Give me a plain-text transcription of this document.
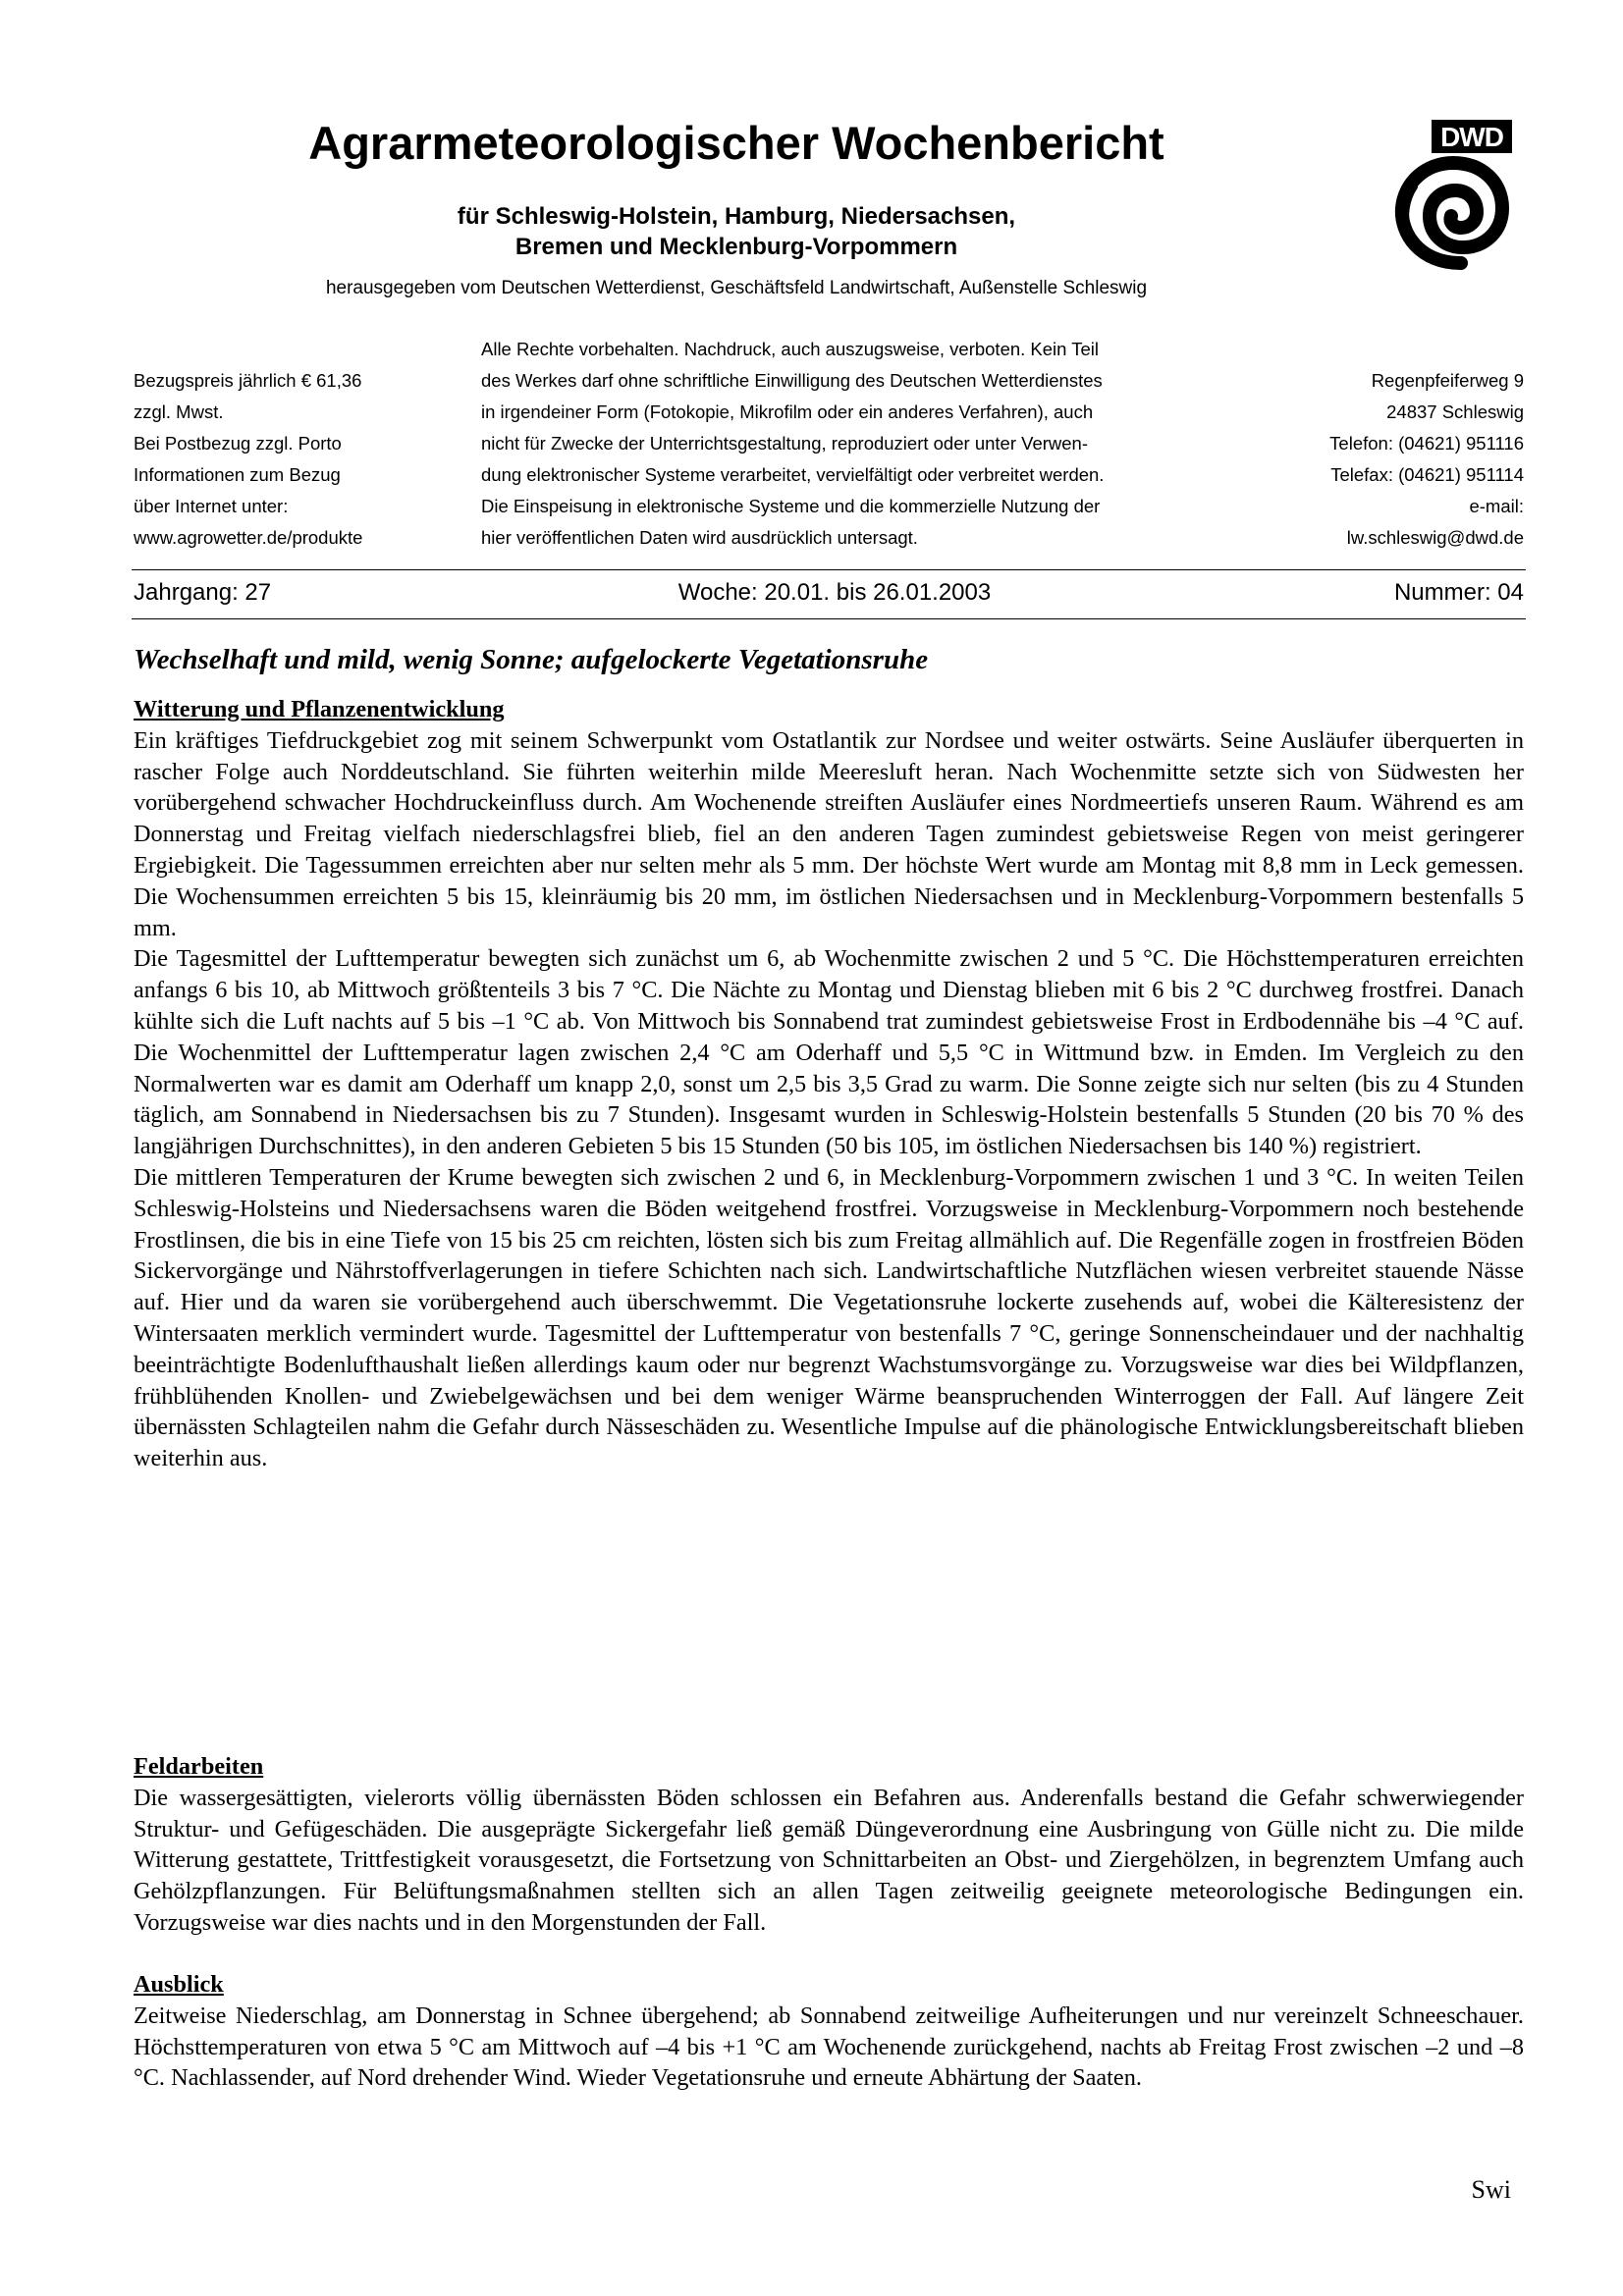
Agrarmeteorologischer Wochenbericht
für Schleswig-Holstein, Hamburg, Niedersachsen,
Bremen und Mecklenburg-Vorpommern
herausgegeben vom Deutschen Wetterdienst, Geschäftsfeld Landwirtschaft, Außenstelle Schleswig
DWD
Bezugspreis jährlich € 61,36
zzgl. Mwst.
Bei Postbezug zzgl. Porto
Informationen zum Bezug
über Internet unter:
www.agrowetter.de/produkte
Alle Rechte vorbehalten. Nachdruck, auch auszugsweise, verboten. Kein Teil
des Werkes darf ohne schriftliche Einwilligung des Deutschen Wetterdienstes
in irgendeiner Form (Fotokopie, Mikrofilm oder ein anderes Verfahren), auch
nicht für Zwecke der Unterrichtsgestaltung, reproduziert oder unter Verwen-
dung elektronischer Systeme verarbeitet, vervielfältigt oder verbreitet werden.
Die Einspeisung in elektronische Systeme und die kommerzielle Nutzung der
hier veröffentlichen Daten wird ausdrücklich untersagt.
Regenpfeiferweg 9
24837 Schleswig
Telefon: (04621) 951116
Telefax: (04621) 951114
e-mail:
lw.schleswig@dwd.de
Jahrgang: 27	Woche: 20.01. bis 26.01.2003	Nummer: 04
Wechselhaft und mild, wenig Sonne; aufgelockerte Vegetationsruhe
Witterung und Pflanzenentwicklung

Ein kräftiges Tiefdruckgebiet zog mit seinem Schwerpunkt vom Ostatlantik zur Nordsee und weiter ostwärts. Seine Ausläufer überquerten in rascher Folge auch Norddeutschland. Sie führten weiterhin milde Meeresluft heran. Nach Wochenmitte setzte sich von Südwesten her vorübergehend schwacher Hochdruckeinfluss durch. Am Wochenende streiften Ausläufer eines Nordmeertiefs unseren Raum. Während es am Donnerstag und Freitag vielfach niederschlagsfrei blieb, fiel an den anderen Tagen zumindest gebietsweise Regen von meist geringerer Ergiebigkeit. Die Tagessummen erreichten aber nur selten mehr als 5 mm. Der höchste Wert wurde am Montag mit 8,8 mm in Leck gemessen. Die Wochensummen erreichten 5 bis 15, kleinräumig bis 20 mm, im östlichen Niedersachsen und in Mecklenburg-Vorpommern bestenfalls 5 mm.

Die Tagesmittel der Lufttemperatur bewegten sich zunächst um 6, ab Wochenmitte zwischen 2 und 5 °C. Die Höchsttemperaturen erreichten anfangs 6 bis 10, ab Mittwoch größtenteils 3 bis 7 °C. Die Nächte zu Montag und Dienstag blieben mit 6 bis 2 °C durchweg frostfrei. Danach kühlte sich die Luft nachts auf 5 bis –1 °C ab. Von Mittwoch bis Sonnabend trat zumindest gebietsweise Frost in Erdbodennähe bis –4 °C auf. Die Wochenmittel der Lufttemperatur lagen zwischen 2,4 °C am Oderhaff und 5,5 °C in Wittmund bzw. in Emden. Im Vergleich zu den Normalwerten war es damit am Oderhaff um knapp 2,0, sonst um 2,5 bis 3,5 Grad zu warm. Die Sonne zeigte sich nur selten (bis zu 4 Stunden täglich, am Sonnabend in Niedersachsen bis zu 7 Stunden). Insgesamt wurden in Schleswig-Holstein bestenfalls 5 Stunden (20 bis 70 % des langjährigen Durchschnittes), in den anderen Gebieten 5 bis 15 Stunden (50 bis 105, im östlichen Niedersachsen bis 140 %) registriert.

Die mittleren Temperaturen der Krume bewegten sich zwischen 2 und 6, in Mecklenburg-Vorpommern zwischen 1 und 3 °C. In weiten Teilen Schleswig-Holsteins und Niedersachsens waren die Böden weitgehend frostfrei. Vorzugsweise in Mecklenburg-Vorpommern noch bestehende Frostlinsen, die bis in eine Tiefe von 15 bis 25 cm reichten, lösten sich bis zum Freitag allmählich auf. Die Regenfälle zogen in frostfreien Böden Sickervorgänge und Nährstoffverlagerungen in tiefere Schichten nach sich. Landwirtschaftliche Nutzflächen wiesen verbreitet stauende Nässe auf. Hier und da waren sie vorübergehend auch überschwemmt. Die Vegetationsruhe lockerte zusehends auf, wobei die Kälteresistenz der Wintersaaten merklich vermindert wurde. Tagesmittel der Lufttemperatur von bestenfalls 7 °C, geringe Sonnenscheindauer und der nachhaltig beeinträchtigte Bodenlufthaushalt ließen allerdings kaum oder nur begrenzt Wachstumsvorgänge zu. Vorzugsweise war dies bei Wildpflanzen, frühblühenden Knollen- und Zwiebelgewächsen und bei dem weniger Wärme beanspruchenden Winterroggen der Fall. Auf längere Zeit übernässten Schlagteilen nahm die Gefahr durch Nässeschäden zu. Wesentliche Impulse auf die phänologische Entwicklungsbereitschaft blieben weiterhin aus.

Feldarbeiten

Die wassergesättigten, vielerorts völlig übernässten Böden schlossen ein Befahren aus. Anderenfalls bestand die Gefahr schwerwiegender Struktur- und Gefügeschäden. Die ausgeprägte Sickergefahr ließ gemäß Düngeverordnung eine Ausbringung von Gülle nicht zu. Die milde Witterung gestattete, Trittfestigkeit vorausgesetzt, die Fortsetzung von Schnittarbeiten an Obst- und Ziergehölzen, in begrenztem Umfang auch Gehölzpflanzungen. Für Belüftungsmaßnahmen stellten sich an allen Tagen zeitweilig geeignete meteorologische Bedingungen ein. Vorzugsweise war dies nachts und in den Morgenstunden der Fall.

Ausblick

Zeitweise Niederschlag, am Donnerstag in Schnee übergehend; ab Sonnabend zeitweilige Aufheiterungen und nur vereinzelt Schneeschauer. Höchsttemperaturen von etwa 5 °C am Mittwoch auf –4 bis +1 °C am Wochenende zurückgehend, nachts ab Freitag Frost zwischen –2 und –8 °C. Nachlassender, auf Nord drehender Wind. Wieder Vegetationsruhe und erneute Abhärtung der Saaten.

Swi
